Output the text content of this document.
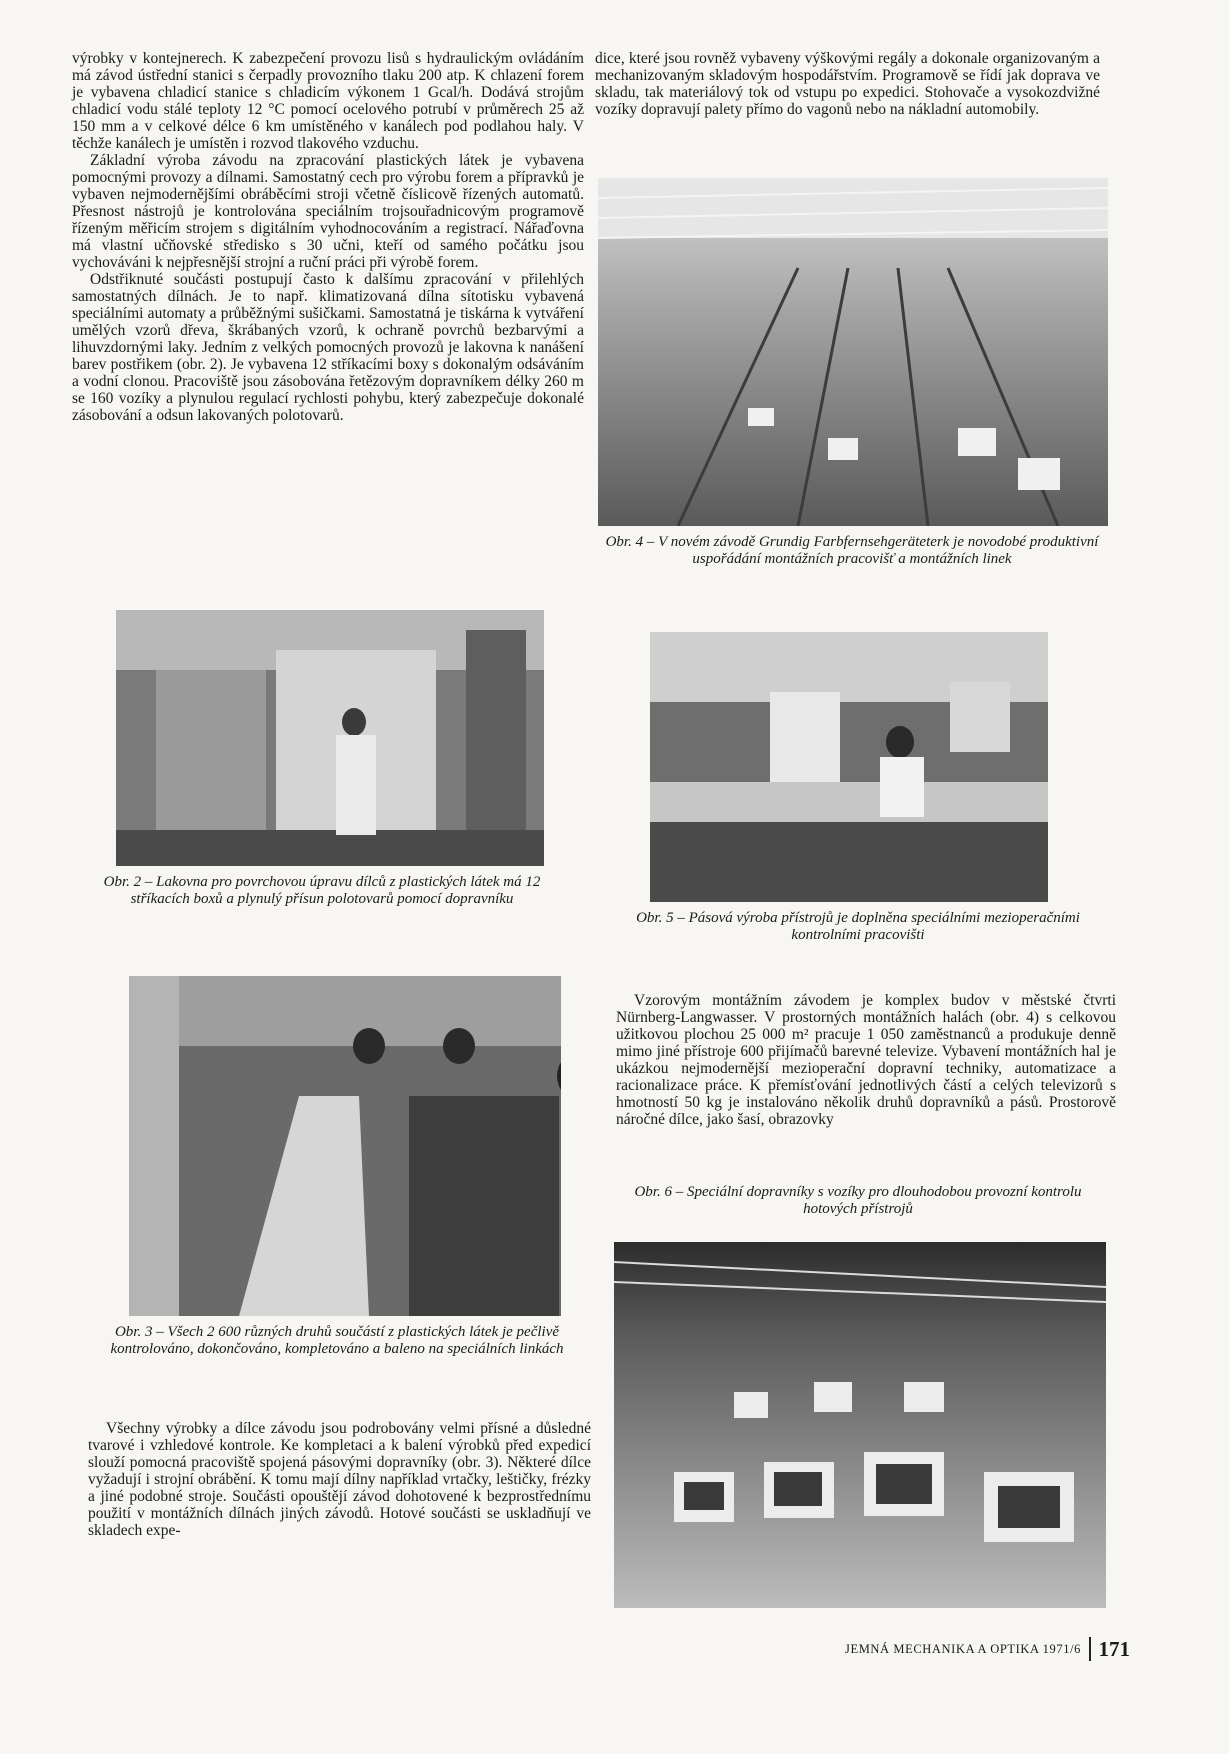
výrobky v kontejnerech. K zabezpečení provozu lisů s hydraulickým ovládáním má závod ústřední stanici s čerpadly provozního tlaku 200 atp. K chlazení forem je vybavena chladicí stanice s chladicím výkonem 1 Gcal/h. Dodává strojům chladicí vodu stálé teploty 12 °C pomocí ocelového potrubí v průměrech 25 až 150 mm a v celkové délce 6 km umístěného v kanálech pod podlahou haly. V těchže kanálech je umístěn i rozvod tlakového vzduchu.

Základní výroba závodu na zpracování plastických látek je vybavena pomocnými provozy a dílnami. Samostatný cech pro výrobu forem a přípravků je vybaven nejmodernějšími obráběcími stroji včetně číslicově řízených automatů. Přesnost nástrojů je kontrolována speciálním trojsouřadnicovým programově řízeným měřicím strojem s digitálním vyhodnocováním a registrací. Nářaďovna má vlastní učňovské středisko s 30 učni, kteří od samého počátku jsou vychováváni k nejpřesnější strojní a ruční práci při výrobě forem.

Odstřiknuté součásti postupují často k dalšímu zpracování v přilehlých samostatných dílnách. Je to např. klimatizovaná dílna sítotisku vybavená speciálními automaty a průběžnými sušičkami. Samostatná je tiskárna k vytváření umělých vzorů dřeva, škrábaných vzorů, k ochraně povrchů bezbarvými a lihuvzdornými laky. Jedním z velkých pomocných provozů je lakovna k nanášení barev postřikem (obr. 2). Je vybavena 12 stříkacími boxy s dokonalým odsáváním a vodní clonou. Pracoviště jsou zásobována řetězovým dopravníkem délky 260 m se 160 vozíky a plynulou regulací rychlosti pohybu, který zabezpečuje dokonalé zásobování a odsun lakovaných polotovarů.

dice, které jsou rovněž vybaveny výškovými regály a dokonale organizovaným a mechanizovaným skladovým hospodářstvím. Programově se řídí jak doprava ve skladu, tak materiálový tok od vstupu po expedici. Stohovače a vysokozdvižné vozíky dopravují palety přímo do vagonů nebo na nákladní automobily.

Obr. 4 – V novém závodě Grundig Farbfernsehgeräteterk je novodobé produktivní uspořádání montážních pracovišť a montážních linek
Obr. 2 – Lakovna pro povrchovou úpravu dílců z plastických látek má 12 stříkacích boxů a plynulý přísun polotovarů pomocí dopravníku
Obr. 5 – Pásová výroba přístrojů je doplněna speciálními mezioperačními kontrolními pracovišti
Obr. 3 – Všech 2 600 různých druhů součástí z plastických látek je pečlivě kontrolováno, dokončováno, kompletováno a baleno na speciálních linkách

Vzorovým montážním závodem je komplex budov v městské čtvrti Nürnberg-Langwasser. V prostorných montážních halách (obr. 4) s celkovou užitkovou plochou 25 000 m² pracuje 1 050 zaměstnanců a produkuje denně mimo jiné přístroje 600 přijímačů barevné televize. Vybavení montážních hal je ukázkou nejmodernější mezioperační dopravní techniky, automatizace a racionalizace práce. K přemísťování jednotlivých částí a celých televizorů s hmotností 50 kg je instalováno několik druhů dopravníků a pásů. Prostorově náročné dílce, jako šasí, obrazovky

Obr. 6 – Speciální dopravníky s vozíky pro dlouhodobou provozní kontrolu hotových přístrojů

Všechny výrobky a dílce závodu jsou podrobovány velmi přísné a důsledné tvarové i vzhledové kontrole. Ke kompletaci a k balení výrobků před expedicí slouží pomocná pracoviště spojená pásovými dopravníky (obr. 3). Některé dílce vyžadují i strojní obrábění. K tomu mají dílny například vrtačky, leštičky, frézky a jiné podobné stroje. Součásti opouštějí závod dohotovené k bezprostřednímu použití v montážních dílnách jiných závodů. Hotové součásti se uskladňují ve skladech expe-

JEMNÁ MECHANIKA A OPTIKA 1971/6 171
